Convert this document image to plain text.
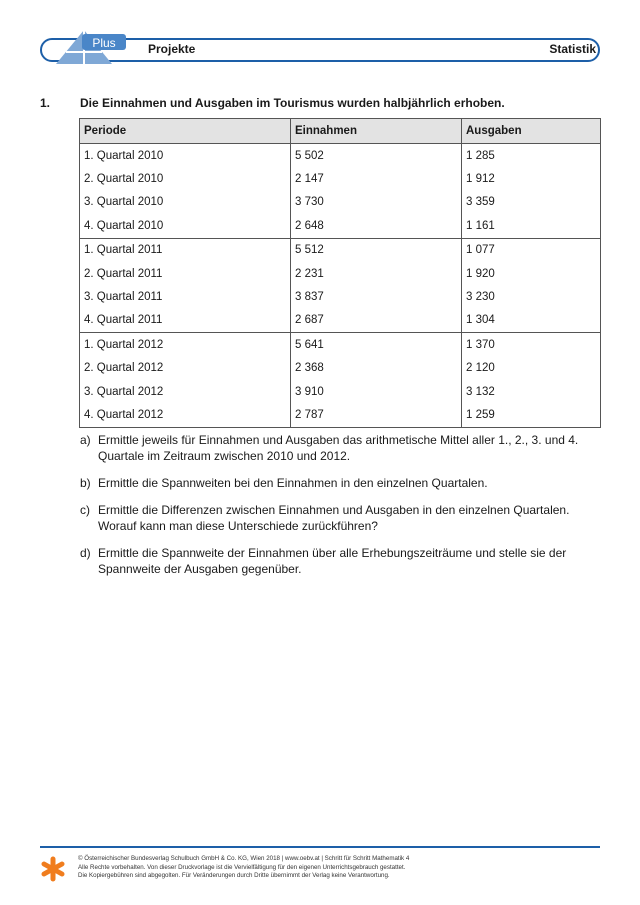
Plus	Projekte	Statistik
1. Die Einnahmen und Ausgaben im Tourismus wurden halbjährlich erhoben.
Periode	Einnahmen	Ausgaben
1. Quartal 2010	5 502	1 285
2. Quartal 2010	2 147	1 912
3. Quartal 2010	3 730	3 359
4. Quartal 2010	2 648	1 161
1. Quartal 2011	5 512	1 077
2. Quartal 2011	2 231	1 920
3. Quartal 2011	3 837	3 230
4. Quartal 2011	2 687	1 304
1. Quartal 2012	5 641	1 370
2. Quartal 2012	2 368	2 120
3. Quartal 2012	3 910	3 132
4. Quartal 2012	2 787	1 259
a) Ermittle jeweils für Einnahmen und Ausgaben das arithmetische Mittel aller 1., 2., 3. und 4. Quartale im Zeitraum zwischen 2010 und 2012.
b) Ermittle die Spannweiten bei den Einnahmen in den einzelnen Quartalen.
c) Ermittle die Differenzen zwischen Einnahmen und Ausgaben in den einzelnen Quartalen. Worauf kann man diese Unterschiede zurückführen?
d) Ermittle die Spannweite der Einnahmen über alle Erhebungszeiträume und stelle sie der Spannweite der Ausgaben gegenüber.
© Österreichischer Bundesverlag Schulbuch GmbH & Co. KG, Wien 2018 | www.oebv.at | Schritt für Schritt Mathematik 4
Alle Rechte vorbehalten. Von dieser Druckvorlage ist die Vervielfältigung für den eigenen Unterrichtsgebrauch gestattet.
Die Kopiergebühren sind abgegolten. Für Veränderungen durch Dritte übernimmt der Verlag keine Verantwortung.
